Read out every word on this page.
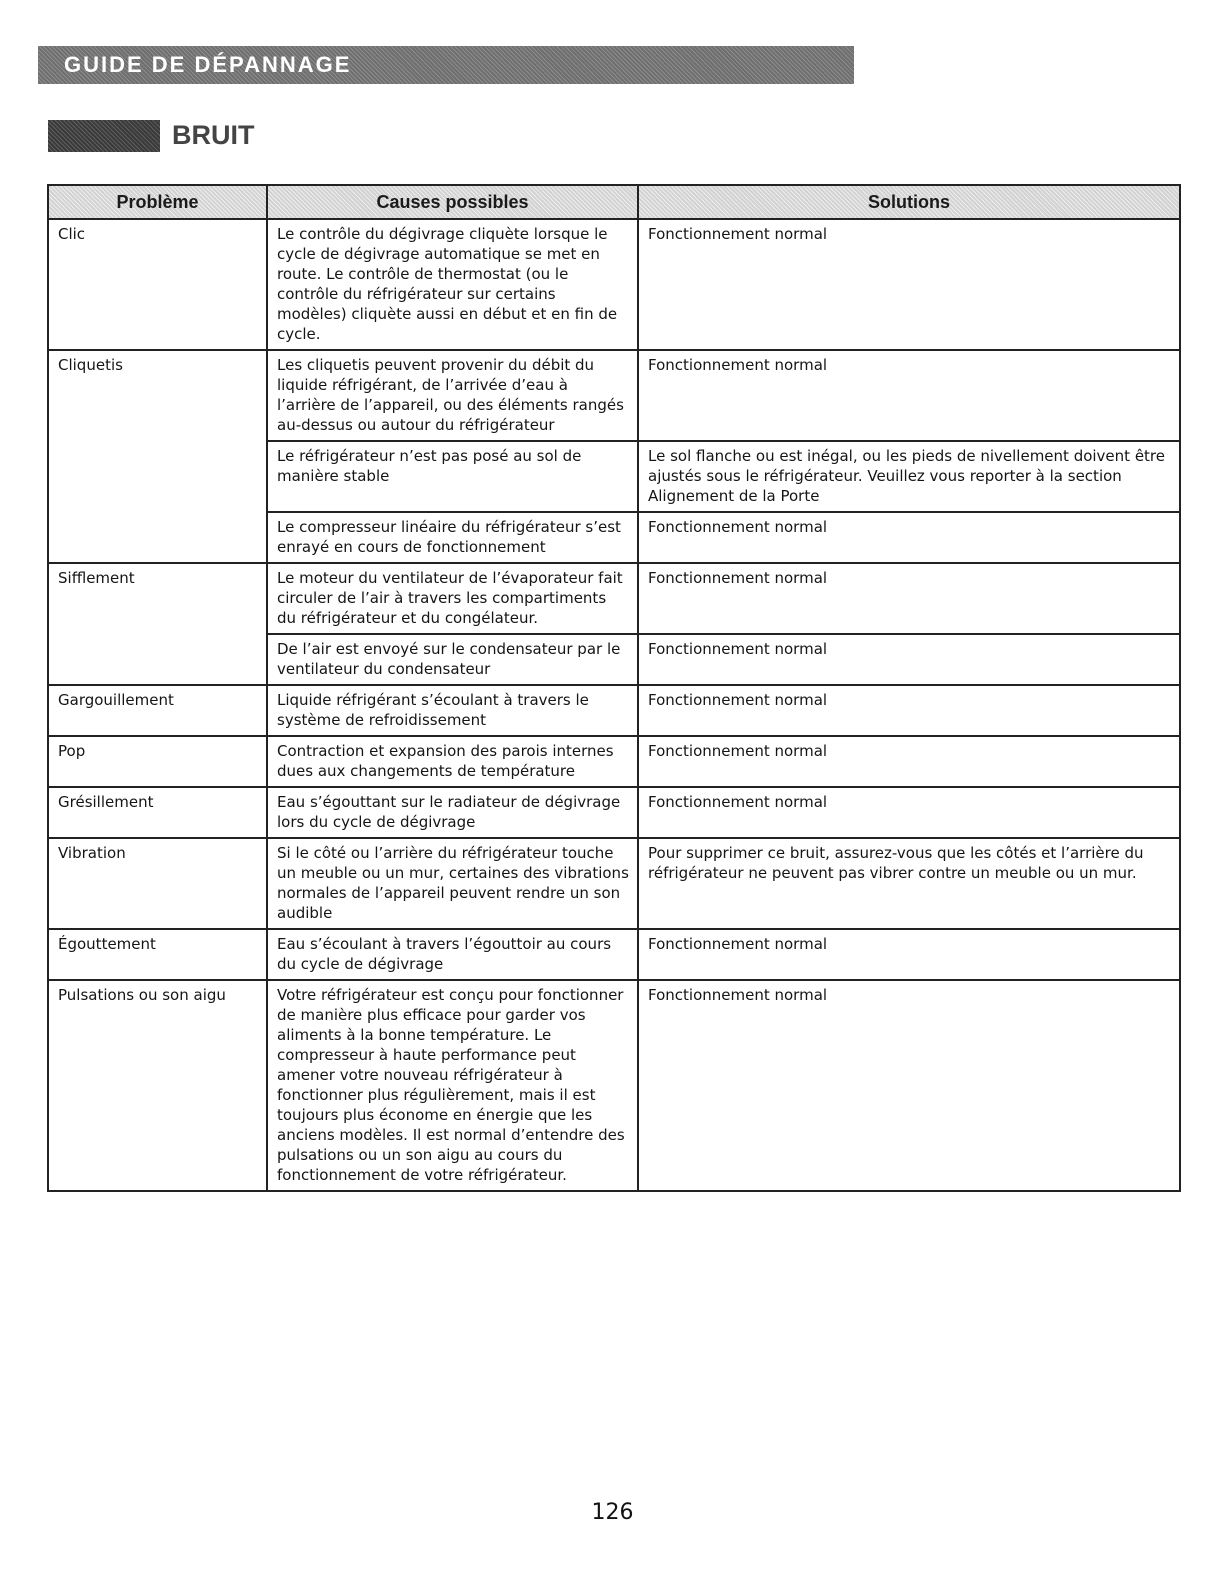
GUIDE DE DÉPANNAGE
BRUIT
Problème	Causes possibles	Solutions
Clic	Le contrôle du dégivrage cliquète lorsque le cycle de dégivrage automatique se met en route. Le contrôle de thermostat (ou le contrôle du réfrigérateur sur certains modèles) cliquète aussi en début et en fin de cycle.	Fonctionnement normal
Cliquetis	Les cliquetis peuvent provenir du débit du liquide réfrigérant, de l’arrivée d’eau à l’arrière de l’appareil, ou des éléments rangés au-dessus ou autour du réfrigérateur	Fonctionnement normal
	Le réfrigérateur n’est pas posé au sol de manière stable	Le sol flanche ou est inégal, ou les pieds de nivellement doivent être ajustés sous le réfrigérateur. Veuillez vous reporter à la section Alignement de la Porte
	Le compresseur linéaire du réfrigérateur s’est enrayé en cours de fonctionnement	Fonctionnement normal
Sifflement	Le moteur du ventilateur de l’évaporateur fait circuler de l’air à travers les compartiments du réfrigérateur et du congélateur.	Fonctionnement normal
	De l’air est envoyé sur le condensateur par le ventilateur du condensateur	Fonctionnement normal
Gargouillement	Liquide réfrigérant s’écoulant à travers le système de refroidissement	Fonctionnement normal
Pop	Contraction et expansion des parois internes dues aux changements de température	Fonctionnement normal
Grésillement	Eau s’égouttant sur le radiateur de dégivrage lors du cycle de dégivrage	Fonctionnement normal
Vibration	Si le côté ou l’arrière du réfrigérateur touche un meuble ou un mur, certaines des vibrations normales de l’appareil peuvent rendre un son audible	Pour supprimer ce bruit, assurez-vous que les côtés et l’arrière du réfrigérateur ne peuvent pas vibrer contre un meuble ou un mur.
Égouttement	Eau s’écoulant à travers l’égouttoir au cours du cycle de dégivrage	Fonctionnement normal
Pulsations ou son aigu	Votre réfrigérateur est conçu pour fonctionner de manière plus efficace pour garder vos aliments à la bonne température. Le compresseur à haute performance peut amener votre nouveau réfrigérateur à fonctionner plus régulièrement, mais il est toujours plus économe en énergie que les anciens modèles. Il est normal d’entendre des pulsations ou un son aigu au cours du fonctionnement de votre réfrigérateur.	Fonctionnement normal
126
